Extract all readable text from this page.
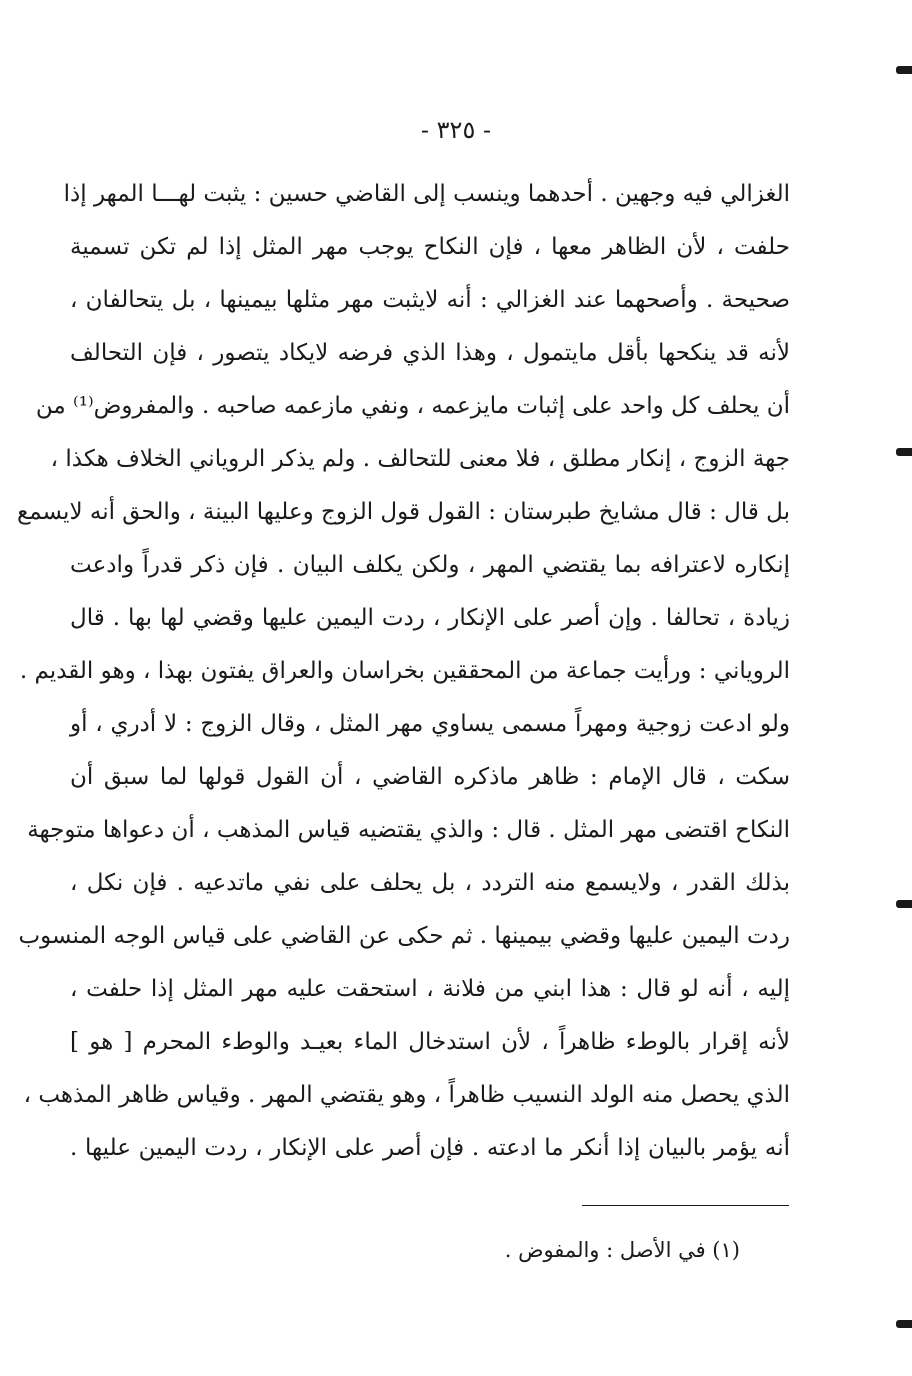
- ٣٢٥ -
الغزالي فيه وجهين . أحدهما وينسب إلى القاضي حسين : يثبت لهـــا المهر إذا
حلفت ، لأن الظاهر معها ، فإن النكاح يوجب مهر المثل إذا لم تكن تسمية
صحيحة . وأصحهما عند الغزالي : أنه لايثبت مهر مثلها بيمينها ، بل يتحالفان ،
لأنه قد ينكحها بأقل مايتمول ، وهذا الذي فرضه لايكاد يتصور ، فإن التحالف
أن يحلف كل واحد على إثبات مايزعمه ، ونفي مازعمه صاحبه . والمفروض⁽¹⁾ من
جهة الزوج ، إنكار مطلق ، فلا معنى للتحالف . ولم يذكر الروياني الخلاف هكذا ،
بل قال : قال مشايخ طبرستان : القول قول الزوج وعليها البينة ، والحق أنه لايسمع
إنكاره لاعترافه بما يقتضي المهر ، ولكن يكلف البيان . فإن ذكر قدراً وادعت
زيادة ، تحالفا . وإن أصر على الإنكار ، ردت اليمين عليها وقضي لها بها . قال
الروياني : ورأيت جماعة من المحققين بخراسان والعراق يفتون بهذا ، وهو القديم .
ولو ادعت زوجية ومهراً مسمى يساوي مهر المثل ، وقال الزوج : لا أدري ، أو
سكت ، قال الإمام : ظاهر ماذكره القاضي ، أن القول قولها لما سبق أن
النكاح اقتضى مهر المثل . قال : والذي يقتضيه قياس المذهب ، أن دعواها متوجهة
بذلك القدر ، ولايسمع منه التردد ، بل يحلف على نفي ماتدعيه . فإن نكل ،
ردت اليمين عليها وقضي بيمينها . ثم حكى عن القاضي على قياس الوجه المنسوب
إليه ، أنه لو قال : هذا ابني من فلانة ، استحقت عليه مهر المثل إذا حلفت ،
لأنه إقرار بالوطء ظاهراً ، لأن استدخال الماء بعيـد والوطء المحرم [ هو ]
الذي يحصل منه الولد النسيب ظاهراً ، وهو يقتضي المهر . وقياس ظاهر المذهب ،
أنه يؤمر بالبيان إذا أنكر ما ادعته . فإن أصر على الإنكار ، ردت اليمين عليها .
(١) في الأصل : والمفوض .
